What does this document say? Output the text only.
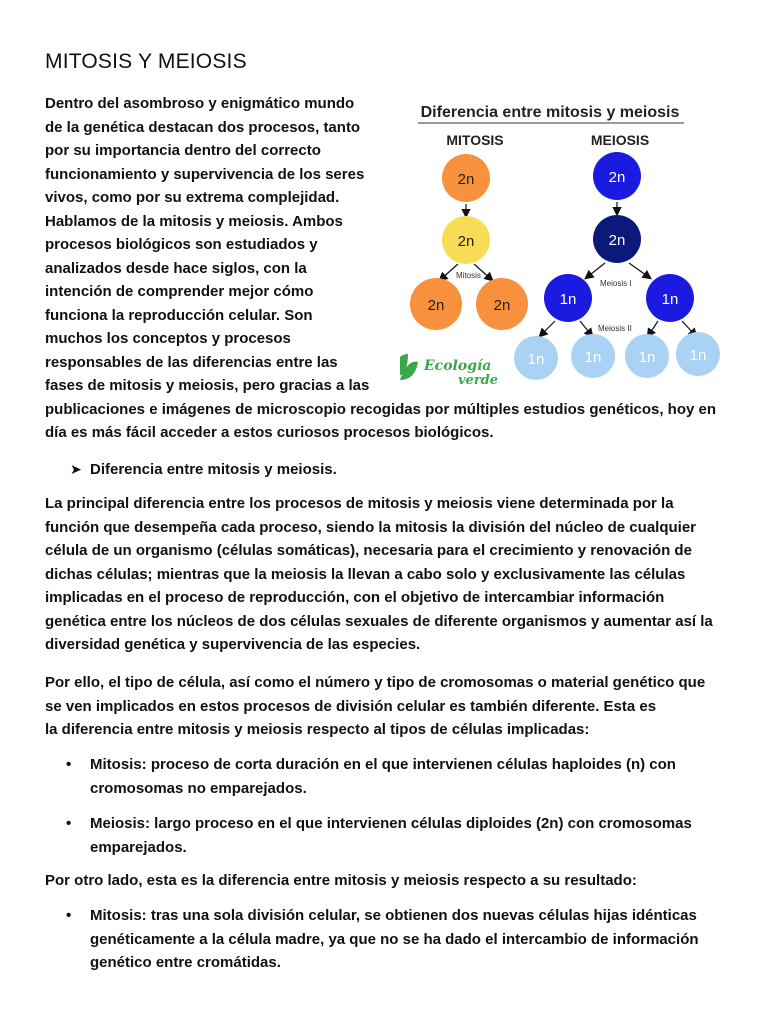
MITOSIS Y MEIOSIS
Dentro del asombroso y enigmático mundo
de la genética destacan dos procesos, tanto
por su importancia dentro del correcto
funcionamiento y supervivencia de los seres
vivos, como por su extrema complejidad.
Hablamos de la mitosis y meiosis. Ambos
procesos biológicos son estudiados y
analizados desde hace siglos, con la
intención de comprender mejor cómo
funciona la reproducción celular. Son
muchos los conceptos y procesos
responsables de las diferencias entre las
fases de mitosis y meiosis, pero gracias a las
publicaciones e imágenes de microscopio recogidas por múltiples estudios genéticos, hoy en
día es más fácil acceder a estos curiosos procesos biológicos.
Diferencia entre mitosis y meiosis
MITOSIS	MEIOSIS
2n
2n
Mitosis
2n	2n
2n
2n
Meiosis I
1n	1n
Meiosis II
1n	1n 1n 1n
Ecología
verde
➤ Diferencia entre mitosis y meiosis.
La principal diferencia entre los procesos de mitosis y meiosis viene determinada por la
función que desempeña cada proceso, siendo la mitosis la división del núcleo de cualquier
célula de un organismo (células somáticas), necesaria para el crecimiento y renovación de
dichas células; mientras que la meiosis la llevan a cabo solo y exclusivamente las células
implicadas en el proceso de reproducción, con el objetivo de intercambiar información
genética entre los núcleos de dos células sexuales de diferente organismos y aumentar así la
diversidad genética y supervivencia de las especies.
Por ello, el tipo de célula, así como el número y tipo de cromosomas o material genético que
se ven implicados en estos procesos de división celular es también diferente. Esta es
la diferencia entre mitosis y meiosis respecto al tipos de células implicadas:
• Mitosis: proceso de corta duración en el que intervienen células haploides (n) con
cromosomas no emparejados.
• Meiosis: largo proceso en el que intervienen células diploides (2n) con cromosomas
emparejados.
Por otro lado, esta es la diferencia entre mitosis y meiosis respecto a su resultado:
• Mitosis: tras una sola división celular, se obtienen dos nuevas células hijas idénticas
genéticamente a la célula madre, ya que no se ha dado el intercambio de información
genético entre cromátidas.
